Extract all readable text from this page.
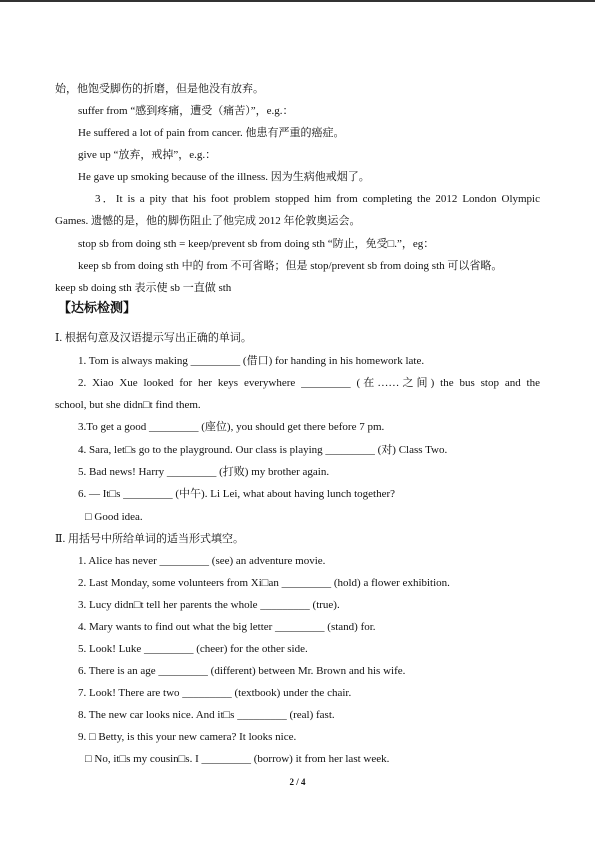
始，他饱受脚伤的折磨，但是他没有放弃。
suffer from “感到疼痛，遭受（痛苦）”，e.g.：
He suffered a lot of pain from cancer. 他患有严重的癌症。
give up “放弃，戒掉”，e.g.：
He gave up smoking because of the illness. 因为生病他戒烟了。
3．It is a pity that his foot problem stopped him from completing the 2012 London Olympic
Games. 遗憾的是，他的脚伤阻止了他完成 2012 年伦敦奥运会。
stop sb from doing sth = keep/prevent sb from doing sth “防止，免受□.”，eg：
keep sb from doing sth 中的 from 不可省略；但是 stop/prevent sb from doing sth 可以省略。
keep sb doing sth 表示使 sb 一直做 sth
【达标检测】
Ⅰ. 根据句意及汉语提示写出正确的单词。
1. Tom is always making _________ (借口) for handing in his homework late.
2. Xiao Xue looked for her keys everywhere _________ (在……之间) the bus stop and the
school, but she didn□t find them.
3.To get a good _________ (座位), you should get there before 7 pm.
4. Sara, let□s go to the playground. Our class is playing _________ (对) Class Two.
5. Bad news! Harry _________ (打败) my brother again.
6. — It□s _________ (中午). Li Lei, what about having lunch together?
□ Good idea.
Ⅱ. 用括号中所给单词的适当形式填空。
1. Alice has never _________ (see) an adventure movie.
2. Last Monday, some volunteers from Xi□an _________ (hold) a flower exhibition.
3. Lucy didn□t tell her parents the whole _________ (true).
4. Mary wants to find out what the big letter _________ (stand) for.
5. Look! Luke _________ (cheer) for the other side.
6. There is an age _________ (different) between Mr. Brown and his wife.
7. Look! There are two _________ (textbook) under the chair.
8. The new car looks nice. And it□s _________ (real) fast.
9. □ Betty, is this your new camera? It looks nice.
□ No, it□s my cousin□s. I _________ (borrow) it from her last week.
2 / 4
